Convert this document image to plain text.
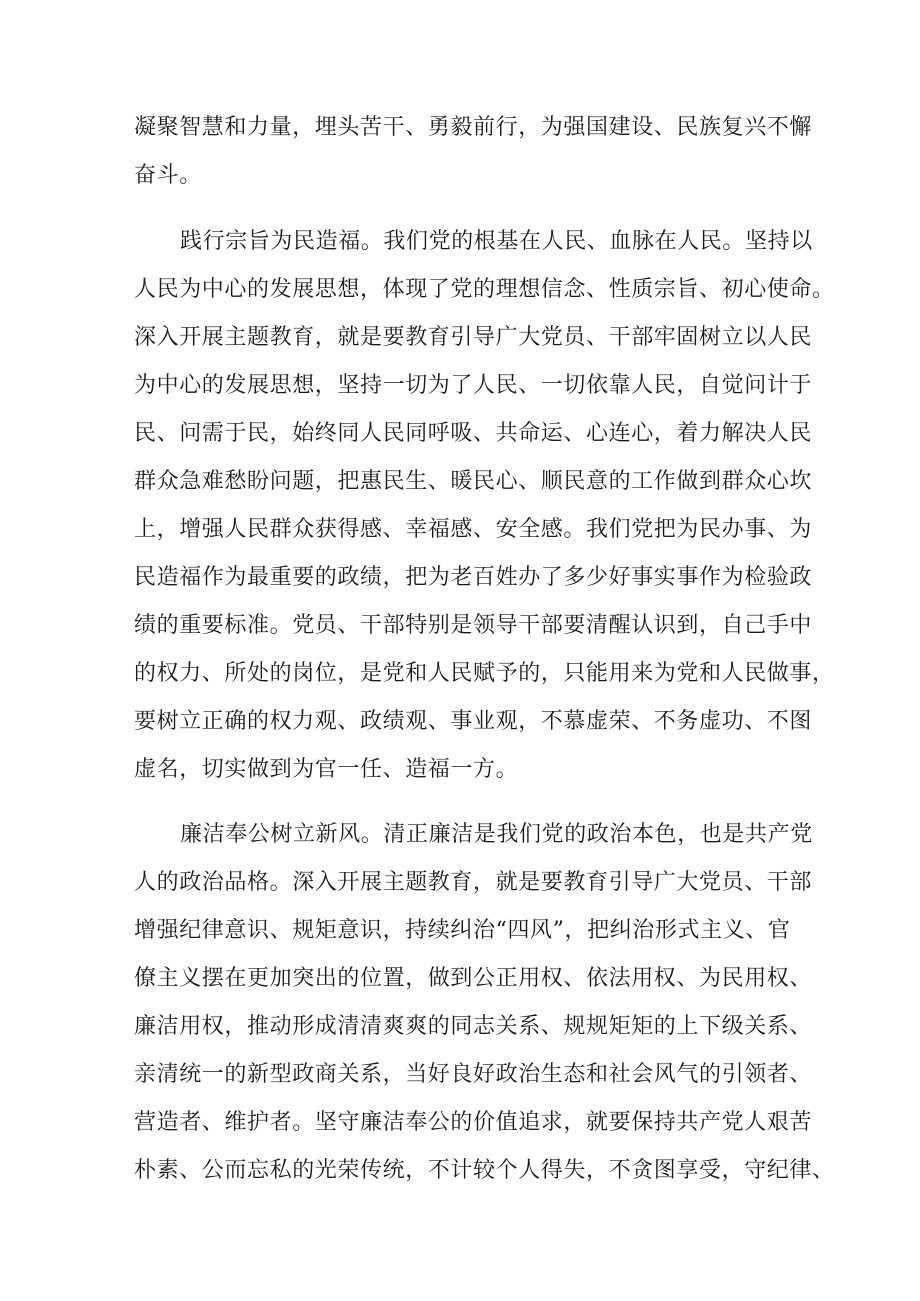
凝聚智慧和力量，埋头苦干、勇毅前行，为强国建设、民族复兴不懈
奋斗。
践行宗旨为民造福。我们党的根基在人民、血脉在人民。坚持以
人民为中心的发展思想，体现了党的理想信念、性质宗旨、初心使命。
深入开展主题教育，就是要教育引导广大党员、干部牢固树立以人民
为中心的发展思想，坚持一切为了人民、一切依靠人民，自觉问计于
民、问需于民，始终同人民同呼吸、共命运、心连心，着力解决人民
群众急难愁盼问题，把惠民生、暖民心、顺民意的工作做到群众心坎
上，增强人民群众获得感、幸福感、安全感。我们党把为民办事、为
民造福作为最重要的政绩，把为老百姓办了多少好事实事作为检验政
绩的重要标准。党员、干部特别是领导干部要清醒认识到，自己手中
的权力、所处的岗位，是党和人民赋予的，只能用来为党和人民做事，
要树立正确的权力观、政绩观、事业观，不慕虚荣、不务虚功、不图
虚名，切实做到为官一任、造福一方。
廉洁奉公树立新风。清正廉洁是我们党的政治本色，也是共产党
人的政治品格。深入开展主题教育，就是要教育引导广大党员、干部
增强纪律意识、规矩意识，持续纠治“四风”，把纠治形式主义、官
僚主义摆在更加突出的位置，做到公正用权、依法用权、为民用权、
廉洁用权，推动形成清清爽爽的同志关系、规规矩矩的上下级关系、
亲清统一的新型政商关系，当好良好政治生态和社会风气的引领者、
营造者、维护者。坚守廉洁奉公的价值追求，就要保持共产党人艰苦
朴素、公而忘私的光荣传统，不计较个人得失，不贪图享受，守纪律、
